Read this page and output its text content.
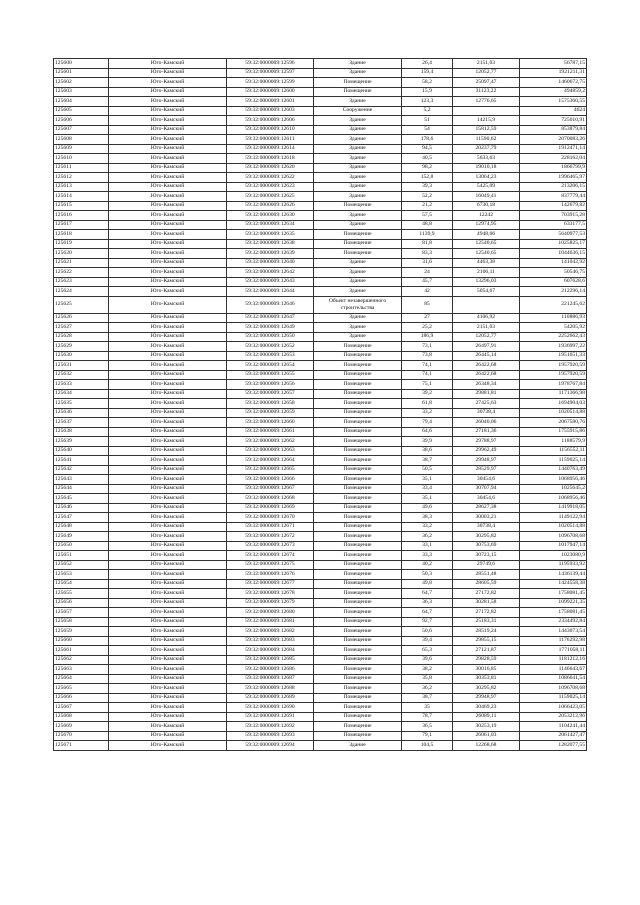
125600	Юго-Камский	59:32:0000009:12596	Здание	26,4	2151,03	56787,15
125601	Юго-Камский	59:32:0000009:12597	Здание	159,4	12052,77	1921211,31
125602	Юго-Камский	59:32:0000009:12599	Помещение	58,2	25097,47	1460672,75
125603	Юго-Камский	59:32:0000009:12600	Помещение	15,9	31123,22	494859,2
125604	Юго-Камский	59:32:0000009:12601	Здание	123,3	12776,65	1575360,55
125605	Юго-Камский	59:32:0000009:12603	Сооружение	5,2		4624
125606	Юго-Камский	59:32:0000009:12606	Здание	51	14215,9	725010,91
125607	Юго-Камский	59:32:0000009:12610	Здание	54	15812,59	853879,84
125608	Юго-Камский	59:32:0000009:12611	Здание	178,6	11590,62	2070083,26
125609	Юго-Камский	59:32:0000009:12614	Здание	94,5	20237,79	1912471,14
125610	Юго-Камский	59:32:0000009:12618	Здание	40,5	5633,63	228162,04
125611	Юго-Камский	59:32:0000009:12620	Здание	98,2	19010,18	1866799,9
125612	Юго-Камский	59:32:0000009:12622	Здание	152,8	13064,23	1996465,97
125613	Юго-Камский	59:32:0000009:12623	Здание	39,3	5425,09	213206,15
125614	Юго-Камский	59:32:0000009:12625	Здание	52,2	16049,41	837779,44
125615	Юго-Камский	59:32:0000009:12626	Помещение	21,2	6730,18	142679,82
125616	Юго-Камский	59:32:0000009:12630	Здание	57,5	12242	703915,28
125617	Юго-Камский	59:32:0000009:12634	Здание	48,8	12974,95	633177,5
125618	Юго-Камский	59:32:0000009:12635	Помещение	1139,9	4948,66	5640977,53
125619	Юго-Камский	59:32:0000009:12638	Помещение	81,8	12540,65	1025825,17
125620	Юго-Камский	59:32:0000009:12639	Помещение	83,3	12540,65	1044636,15
125621	Юго-Камский	59:32:0000009:12640	Здание	31,6	4463,38	141042,92
125622	Юго-Камский	59:32:0000009:12642	Здание	24	2106,11	50546,75
125623	Юго-Камский	59:32:0000009:12643	Здание	45,7	13296,03	607628,6
125624	Юго-Камский	59:32:0000009:12644	Здание	42	5054,67	212296,14
125625	Юго-Камский	59:32:0000009:12646	Объект незавершенного строительства	85		221245,62
125626	Юго-Камский	59:32:0000009:12647	Здание	27	4106,92	110886,93
125627	Юго-Камский	59:32:0000009:12649	Здание	25,2	2151,03	54205,92
125628	Юго-Камский	59:32:0000009:12650	Здание	186,9	12052,77	2252662,43
125629	Юго-Камский	59:32:0000009:12652	Помещение	73,1	26497,91	1936997,22
125630	Юго-Камский	59:32:0000009:12653	Помещение	73,8	26445,14	1951651,33
125631	Юго-Камский	59:32:0000009:12654	Помещение	74,1	26422,68	1957920,59
125632	Юго-Камский	59:32:0000009:12655	Помещение	74,1	26422,68	1957920,59
125633	Юго-Камский	59:32:0000009:12656	Помещение	75,1	26348,34	1978767,84
125634	Юго-Камский	59:32:0000009:12657	Помещение	39,2	29881,81	1171366,98
125635	Юго-Камский	59:32:0000009:12658	Помещение	61,8	27425,63	1694904,03
125636	Юго-Камский	59:32:0000009:12659	Помещение	33,2	30738,4	1020514,88
125637	Юго-Камский	59:32:0000009:12660	Помещение	79,4	26040,06	2067580,76
125638	Юго-Камский	59:32:0000009:12661	Помещение	64,6	27181,36	1755915,86
125639	Юго-Камский	59:32:0000009:12662	Помещение	39,9	29788,97	1188579,9
125640	Юго-Камский	59:32:0000009:12663	Помещение	38,6	29962,49	1156552,11
125641	Юго-Камский	59:32:0000009:12664	Помещение	38,7	29948,97	1159025,14
125642	Юго-Камский	59:32:0000009:12665	Помещение	50,5	28529,97	1440763,49
125643	Юго-Камский	59:32:0000009:12666	Помещение	35,1	30454,6	1068956,46
125644	Юго-Камский	59:32:0000009:12667	Помещение	33,4	30707,94	1025645,2
125645	Юго-Камский	59:32:0000009:12668	Помещение	35,1	30454,6	1068956,46
125646	Юго-Камский	59:32:0000009:12669	Помещение	49,6	28627,38	1419918,05
125647	Юго-Камский	59:32:0000009:12670	Помещение	38,3	30003,21	1149122,94
125648	Юго-Камский	59:32:0000009:12671	Помещение	33,2	30738,4	1020514,88
125649	Юго-Камский	59:32:0000009:12672	Помещение	36,2	30295,82	1096708,68
125650	Юго-Камский	59:32:0000009:12673	Помещение	33,1	30753,69	1017947,14
125651	Юго-Камский	59:32:0000009:12674	Помещение	33,3	30723,15	1023080,9
125652	Юго-Камский	59:32:0000009:12675	Помещение	40,2	29749,6	1195933,92
125653	Юго-Камский	59:32:0000009:12676	Помещение	50,3	28551,48	1436139,44
125654	Юго-Камский	59:32:0000009:12677	Помещение	49,8	28605,59	1424558,38
125655	Юго-Камский	59:32:0000009:12678	Помещение	64,7	27172,82	1758081,45
125656	Юго-Камский	59:32:0000009:12679	Помещение	36,3	30281,58	1099221,35
125657	Юго-Камский	59:32:0000009:12680	Помещение	64,7	27172,82	1758081,45
125658	Юго-Камский	59:32:0000009:12681	Помещение	92,7	25183,31	2334492,84
125659	Юго-Камский	59:32:0000009:12682	Помещение	50,6	28519,24	1443073,54
125660	Юго-Камский	59:32:0000009:12683	Помещение	39,4	29855,15	1176292,98
125661	Юго-Камский	59:32:0000009:12684	Помещение	65,3	27121,87	1771058,11
125662	Юго-Камский	59:32:0000009:12685	Помещение	39,6	29828,59	1181212,16
125663	Юго-Камский	59:32:0000009:12686	Помещение	38,2	30016,85	1146643,67
125664	Юго-Камский	59:32:0000009:12687	Помещение	35,8	30353,81	1086641,54
125665	Юго-Камский	59:32:0000009:12688	Помещение	36,2	30295,82	1096708,68
125666	Юго-Камский	59:32:0000009:12689	Помещение	38,7	29948,97	1159025,14
125667	Юго-Камский	59:32:0000009:12690	Помещение	35	30469,23	1066423,05
125668	Юго-Камский	59:32:0000009:12691	Помещение	78,7	26089,11	2053212,96
125669	Юго-Камский	59:32:0000009:12692	Помещение	36,5	30253,19	1104241,44
125670	Юго-Камский	59:32:0000009:12693	Помещение	79,1	26061,03	2061427,47
125671	Юго-Камский	59:32:0000009:12694	Здание	104,5	12268,68	1282077,55
